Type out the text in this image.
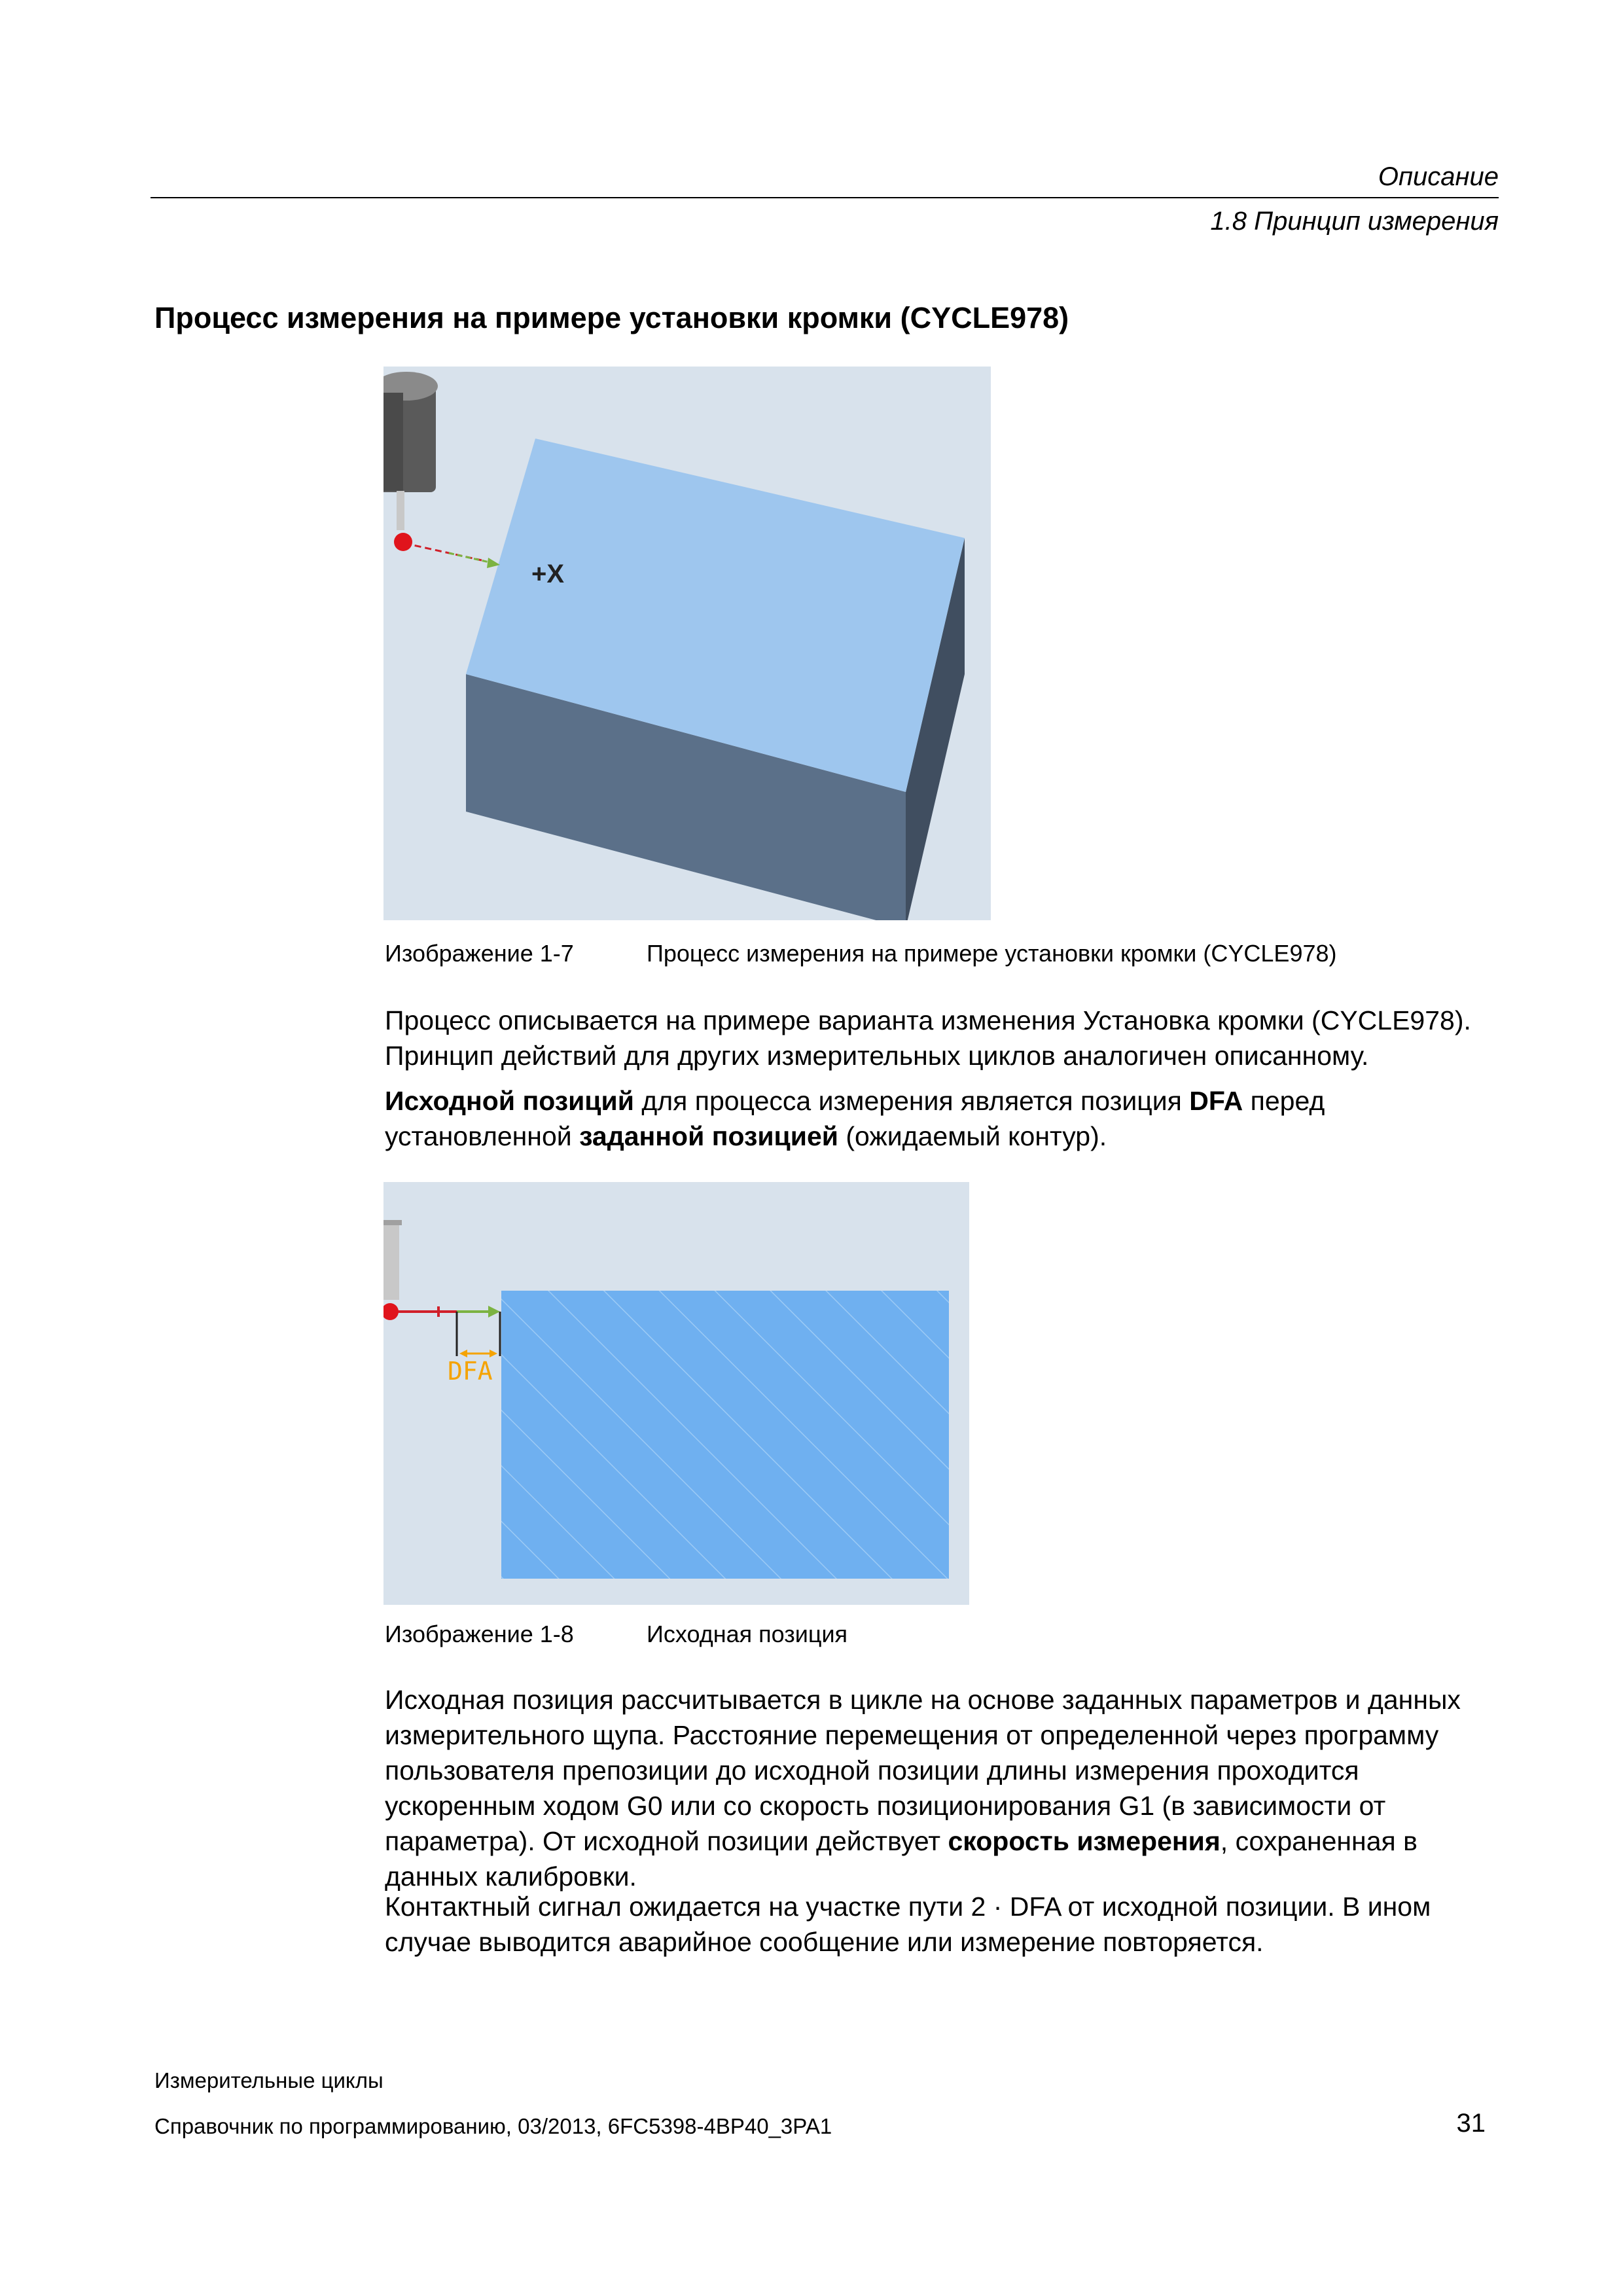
Описание
1.8 Принцип измерения
Процесс измерения на примере установки кромки (CYCLE978)
+X
Изображение 1-7	Процесс измерения на примере установки кромки (CYCLE978)

Процесс описывается на примере варианта изменения Установка кромки (CYCLE978).

Принцип действий для других измерительных циклов аналогичен описанному.

Исходной позиций для процесса измерения является позиция DFA перед

установленной заданной позицией (ожидаемый контур).

DFA
Изображение 1-8	Исходная позиция

Исходная позиция рассчитывается в цикле на основе заданных параметров и данных

измерительного щупа. Расстояние перемещения от определенной через программу

пользователя препозиции до исходной позиции длины измерения проходится

ускоренным ходом G0 или со скорость позиционирования G1 (в зависимости от

параметра). От исходной позиции действует скорость измерения, сохраненная в

данных калибровки.

Контактный сигнал ожидается на участке пути 2 · DFA от исходной позиции. В ином

случае выводится аварийное сообщение или измерение повторяется.

Измерительные циклы
Справочник по программированию, 03/2013, 6FC5398-4BP40_3PA1	31
